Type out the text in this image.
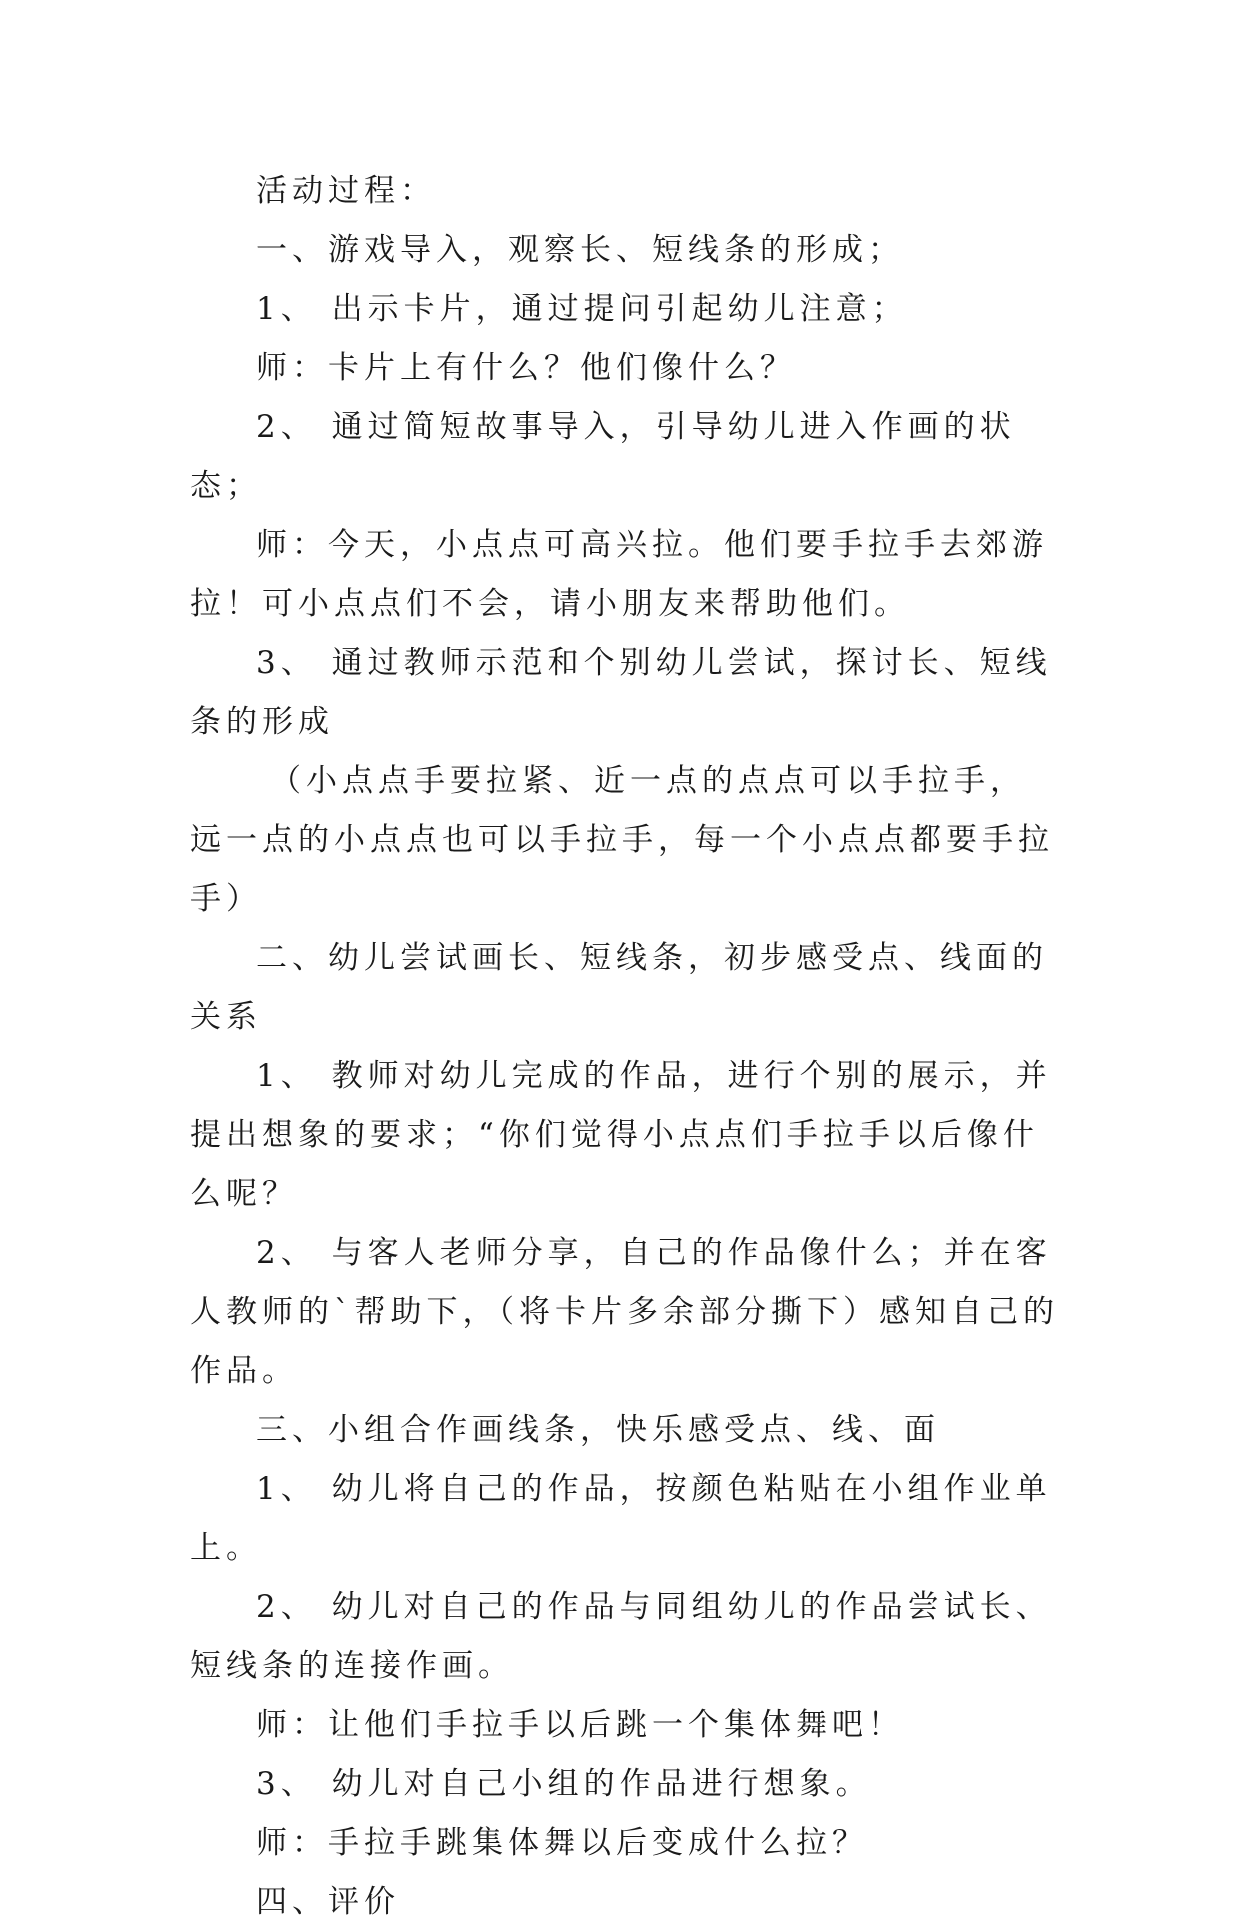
活动过程：

一、游戏导入，观察长、短线条的形成；

1、 出示卡片，通过提问引起幼儿注意；

师：卡片上有什么？他们像什么？

2、 通过简短故事导入，引导幼儿进入作画的状态；

师：今天，小点点可高兴拉。他们要手拉手去郊游拉！可小点点们不会，请小朋友来帮助他们。

3、 通过教师示范和个别幼儿尝试，探讨长、短线条的形成

（小点点手要拉紧、近一点的点点可以手拉手，远一点的小点点也可以手拉手，每一个小点点都要手拉手）

二、幼儿尝试画长、短线条，初步感受点、线面的关系

1、 教师对幼儿完成的作品，进行个别的展示，并提出想象的要求；“你们觉得小点点们手拉手以后像什么呢？

2、 与客人老师分享，自己的作品像什么；并在客人教师的`帮助下，（将卡片多余部分撕下）感知自己的作品。

三、小组合作画线条，快乐感受点、线、面

1、 幼儿将自己的作品，按颜色粘贴在小组作业单上。

2、 幼儿对自己的作品与同组幼儿的作品尝试长、短线条的连接作画。

师：让他们手拉手以后跳一个集体舞吧！

3、 幼儿对自己小组的作品进行想象。

师：手拉手跳集体舞以后变成什么拉？

四、评价
